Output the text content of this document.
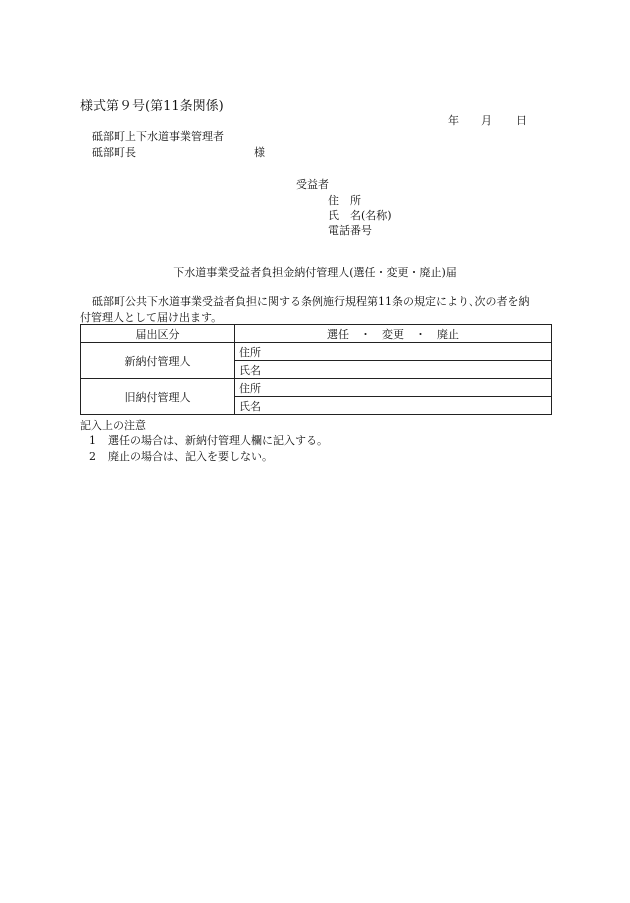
様式第９号(第11条関係)
年 月 日
砥部町上下水道事業管理者
砥部町長	様
受益者
住　所
氏　名(名称)
電話番号
下水道事業受益者負担金納付管理人(選任・変更・廃止)届
砥部町公共下水道事業受益者負担に関する条例施行規程第11条の規定により､次の者を納
付管理人として届け出ます。
届出区分	選任　・　変更　・　廃止
新納付管理人	住所
	氏名
旧納付管理人	住所
	氏名
記入上の注意
1 選任の場合は、新納付管理人欄に記入する。
2 廃止の場合は、記入を要しない。
